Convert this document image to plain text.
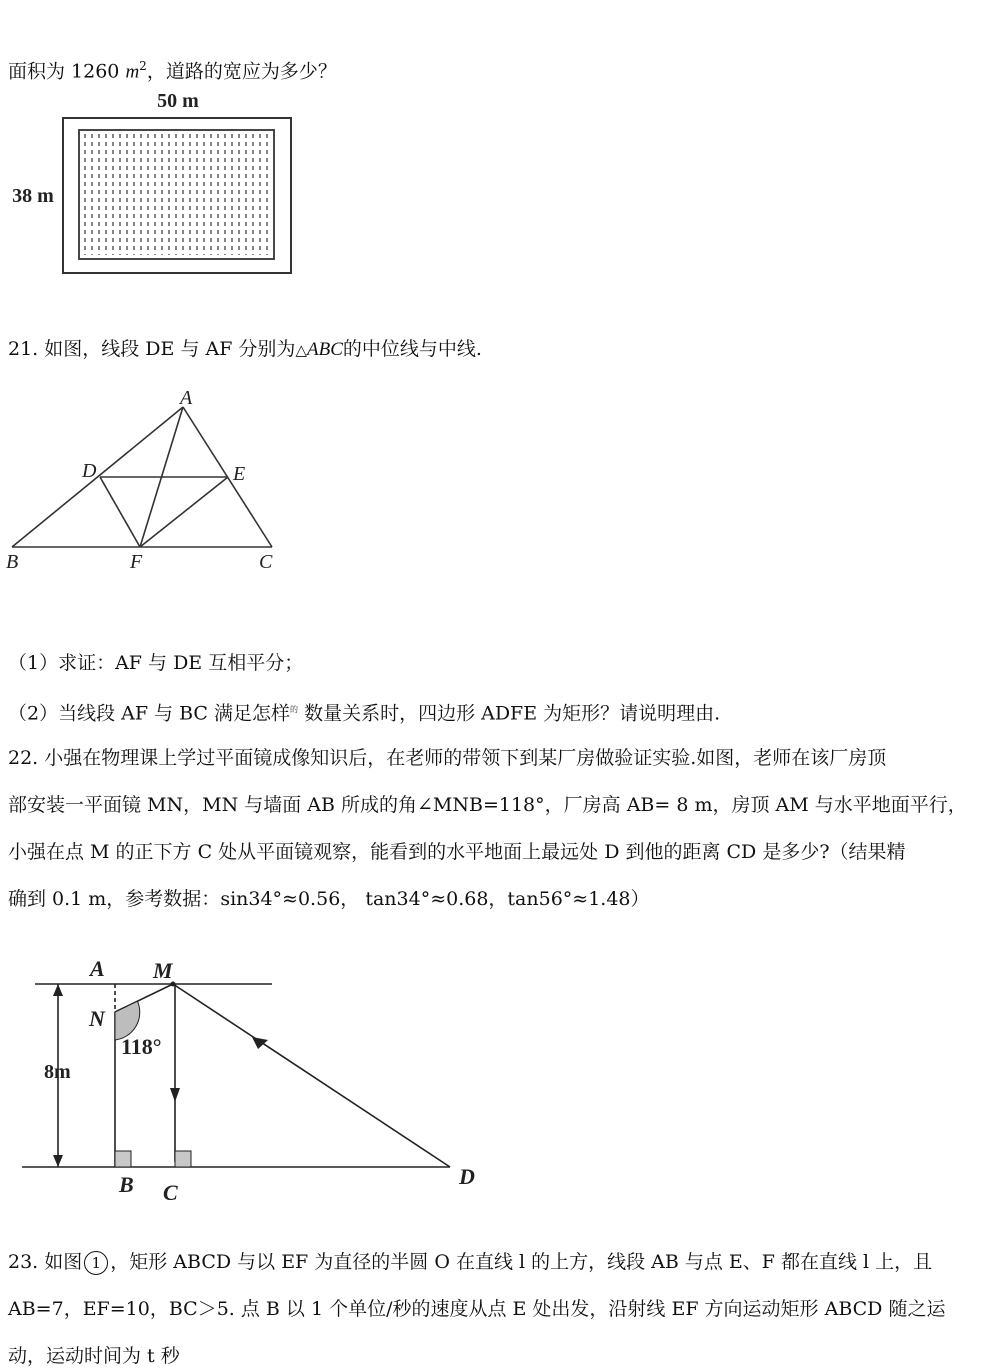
面积为 1260 $m^2$，道路的宽应为多少？
50 m
38 m
21. 如图，线段 DE 与 AF 分别为△ABC的中位线与中线.
A
D	E
B	F	C
（1）求证：AF 与 DE 互相平分；
（2）当线段 AF 与 BC 满足怎样$^的$ 数量关系时，四边形 ADFE 为矩形？请说明理由.
22. 小强在物理课上学过平面镜成像知识后，在老师的带领下到某厂房做验证实验.如图，老师在该厂房顶
部安装一平面镜 MN，MN 与墙面 AB 所成的角∠MNB=118°，厂房高 AB= 8 m，房顶 AM 与水平地面平行，
小强在点 M 的正下方 C 处从平面镜观察，能看到的水平地面上最远处 D 到他的距离 CD 是多少?（结果精
确到 0.1 m，参考数据：sin34°≈0.56， tan34°≈0.68，tan56°≈1.48）
A M
N
B C
D
118°
8m
23. 如图 1 ，矩形 ABCD 与以 EF 为直径的半圆 O 在直线 l 的上方，线段 AB 与点 E、F 都在直线 l 上，且
AB=7，EF=10，BC＞5. 点 B 以 1 个单位/秒的速度从点 E 处出发，沿射线 EF 方向运动矩形 ABCD 随之运
动，运动时间为 t 秒
